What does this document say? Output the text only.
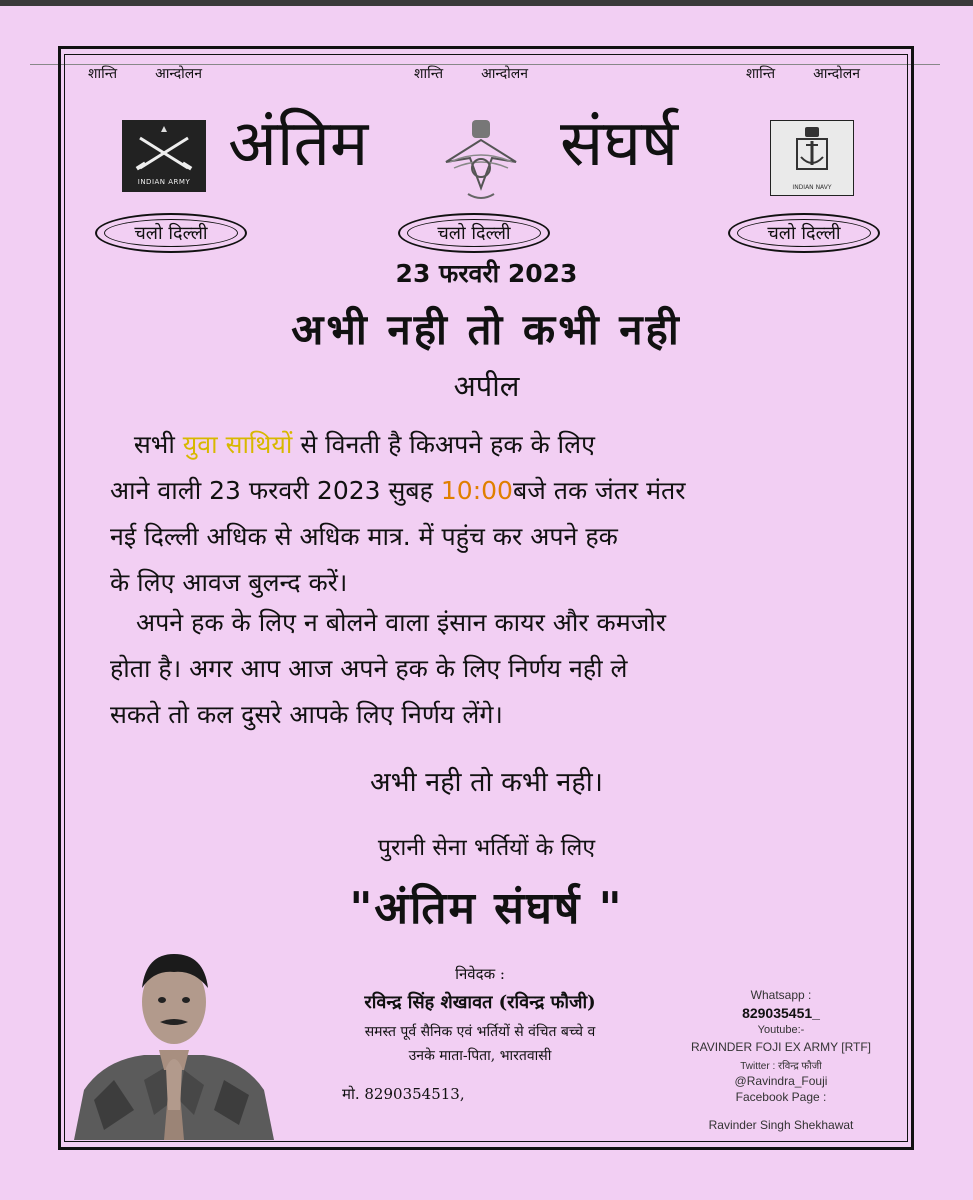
शान्ति	आन्दोलन	शान्ति	आन्दोलन	शान्ति	आन्दोलन
INDIAN ARMY
INDIAN NAVY
अंतिम	संघर्ष
चलो दिल्ली	चलो दिल्ली	चलो दिल्ली
23 फरवरी 2023
अभी नही तो कभी नही
अपील
सभी युवा साथियों से विनती है किअपने हक के लिए
आने वाली 23 फरवरी 2023 सुबह 10:00बजे तक जंतर मंतर
नई दिल्ली अधिक से अधिक मात्र. में पहुंच कर अपने हक
के लिए आवज बुलन्द करें।
अपने हक के लिए न बोलने वाला इंसान कायर और कमजोर
होता है। अगर आप आज अपने हक के लिए निर्णय नही ले
सकते तो कल दुसरे आपके लिए निर्णय लेंगे।
अभी नही तो कभी नही।
पुरानी सेना भर्तियों के लिए
"अंतिम संघर्ष "
निवेदक :
रविन्द्र सिंह शेखावत (रविन्द्र फौजी)
समस्त पूर्व सैनिक एवं भर्तियों से वंचित बच्चे व
उनके माता-पिता, भारतवासी
मो. 8290354513,
Whatsapp :
829035451_
Youtube:-
RAVINDER FOJI EX ARMY [RTF]
Twitter : रविन्द्र फौजी
@Ravindra_Fouji
Facebook Page :
Ravinder Singh Shekhawat
